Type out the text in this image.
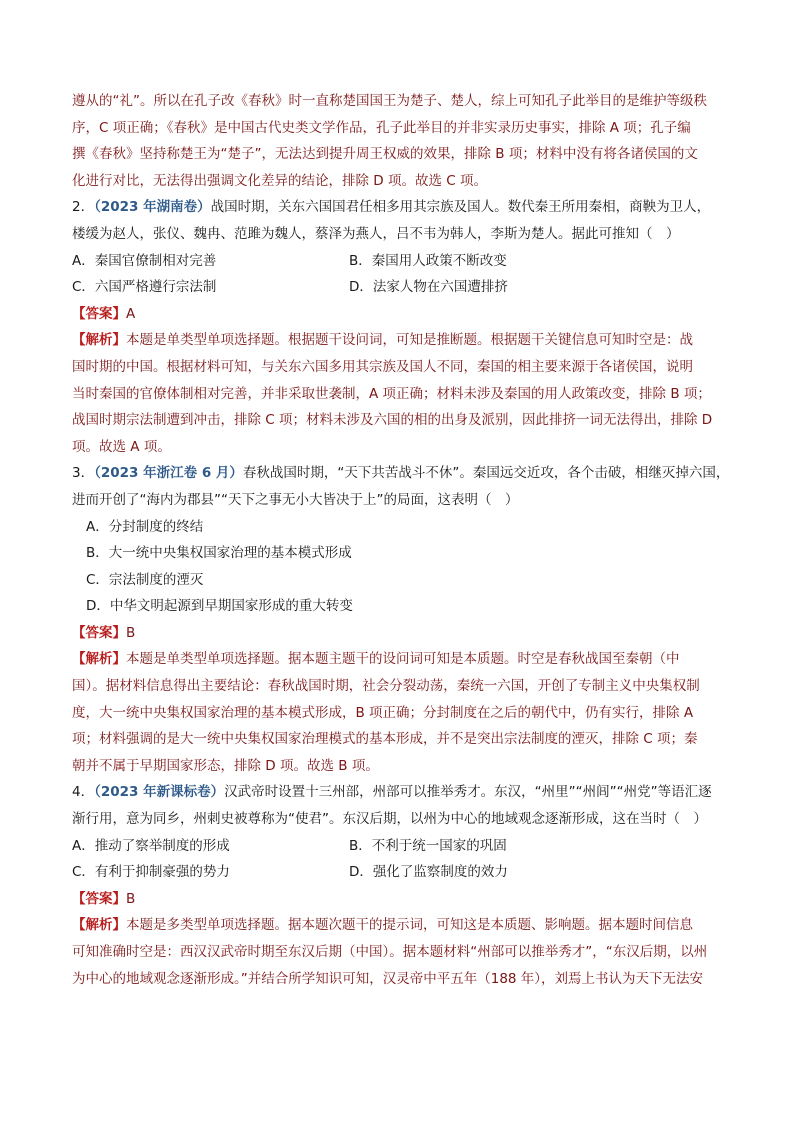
遵从的“礼”。所以在孔子改《春秋》时一直称楚国国王为楚子、楚人，综上可知孔子此举目的是维护等级秩
序，C 项正确；《春秋》是中国古代史类文学作品，孔子此举目的并非实录历史事实，排除 A 项；孔子编
撰《春秋》坚持称楚王为“楚子”，无法达到提升周王权威的效果，排除 B 项；材料中没有将各诸侯国的文
化进行对比，无法得出强调文化差异的结论，排除 D 项。故选 C 项。
2．（2023 年湖南卷）战国时期，关东六国国君任相多用其宗族及国人。数代秦王所用秦相，商鞅为卫人，
楼缓为赵人，张仪、魏冉、范雎为魏人，蔡泽为燕人，吕不韦为韩人，李斯为楚人。据此可推知（　）
A．秦国官僚制相对完善	B．秦国用人政策不断改变
C．六国严格遵行宗法制	D．法家人物在六国遭排挤
【答案】A
【解析】本题是单类型单项选择题。根据题干设问词，可知是推断题。根据题干关键信息可知时空是：战
国时期的中国。根据材料可知，与关东六国多用其宗族及国人不同，秦国的相主要来源于各诸侯国，说明
当时秦国的官僚体制相对完善，并非采取世袭制，A 项正确；材料未涉及秦国的用人政策改变，排除 B 项；
战国时期宗法制遭到冲击，排除 C 项；材料未涉及六国的相的出身及派别，因此排挤一词无法得出，排除 D
项。故选 A 项。
3．（2023 年浙江卷 6 月）春秋战国时期，“天下共苦战斗不休”。秦国远交近攻，各个击破，相继灭掉六国，
进而开创了“海内为郡县”“天下之事无小大皆决于上”的局面，这表明（　）
A．分封制度的终结
B．大一统中央集权国家治理的基本模式形成
C．宗法制度的湮灭
D．中华文明起源到早期国家形成的重大转变
【答案】B
【解析】本题是单类型单项选择题。据本题主题干的设问词可知是本质题。时空是春秋战国至秦朝（中
国）。据材料信息得出主要结论：春秋战国时期，社会分裂动荡，秦统一六国，开创了专制主义中央集权制
度，大一统中央集权国家治理的基本模式形成，B 项正确；分封制度在之后的朝代中，仍有实行，排除 A
项；材料强调的是大一统中央集权国家治理模式的基本形成，并不是突出宗法制度的湮灭，排除 C 项；秦
朝并不属于早期国家形态，排除 D 项。故选 B 项。
4．（2023 年新课标卷）汉武帝时设置十三州部，州部可以推举秀才。东汉，“州里”“州闾”“州党”等语汇逐
渐行用，意为同乡，州刺史被尊称为“使君”。东汉后期，以州为中心的地域观念逐渐形成，这在当时（　）
A．推动了察举制度的形成	B．不利于统一国家的巩固
C．有利于抑制豪强的势力	D．强化了监察制度的效力
【答案】B
【解析】本题是多类型单项选择题。据本题次题干的提示词，可知这是本质题、影响题。据本题时间信息
可知准确时空是：西汉汉武帝时期至东汉后期（中国）。据本题材料“州部可以推举秀才”，“东汉后期，以州
为中心的地域观念逐渐形成。”并结合所学知识可知，汉灵帝中平五年（188 年），刘焉上书认为天下无法安
